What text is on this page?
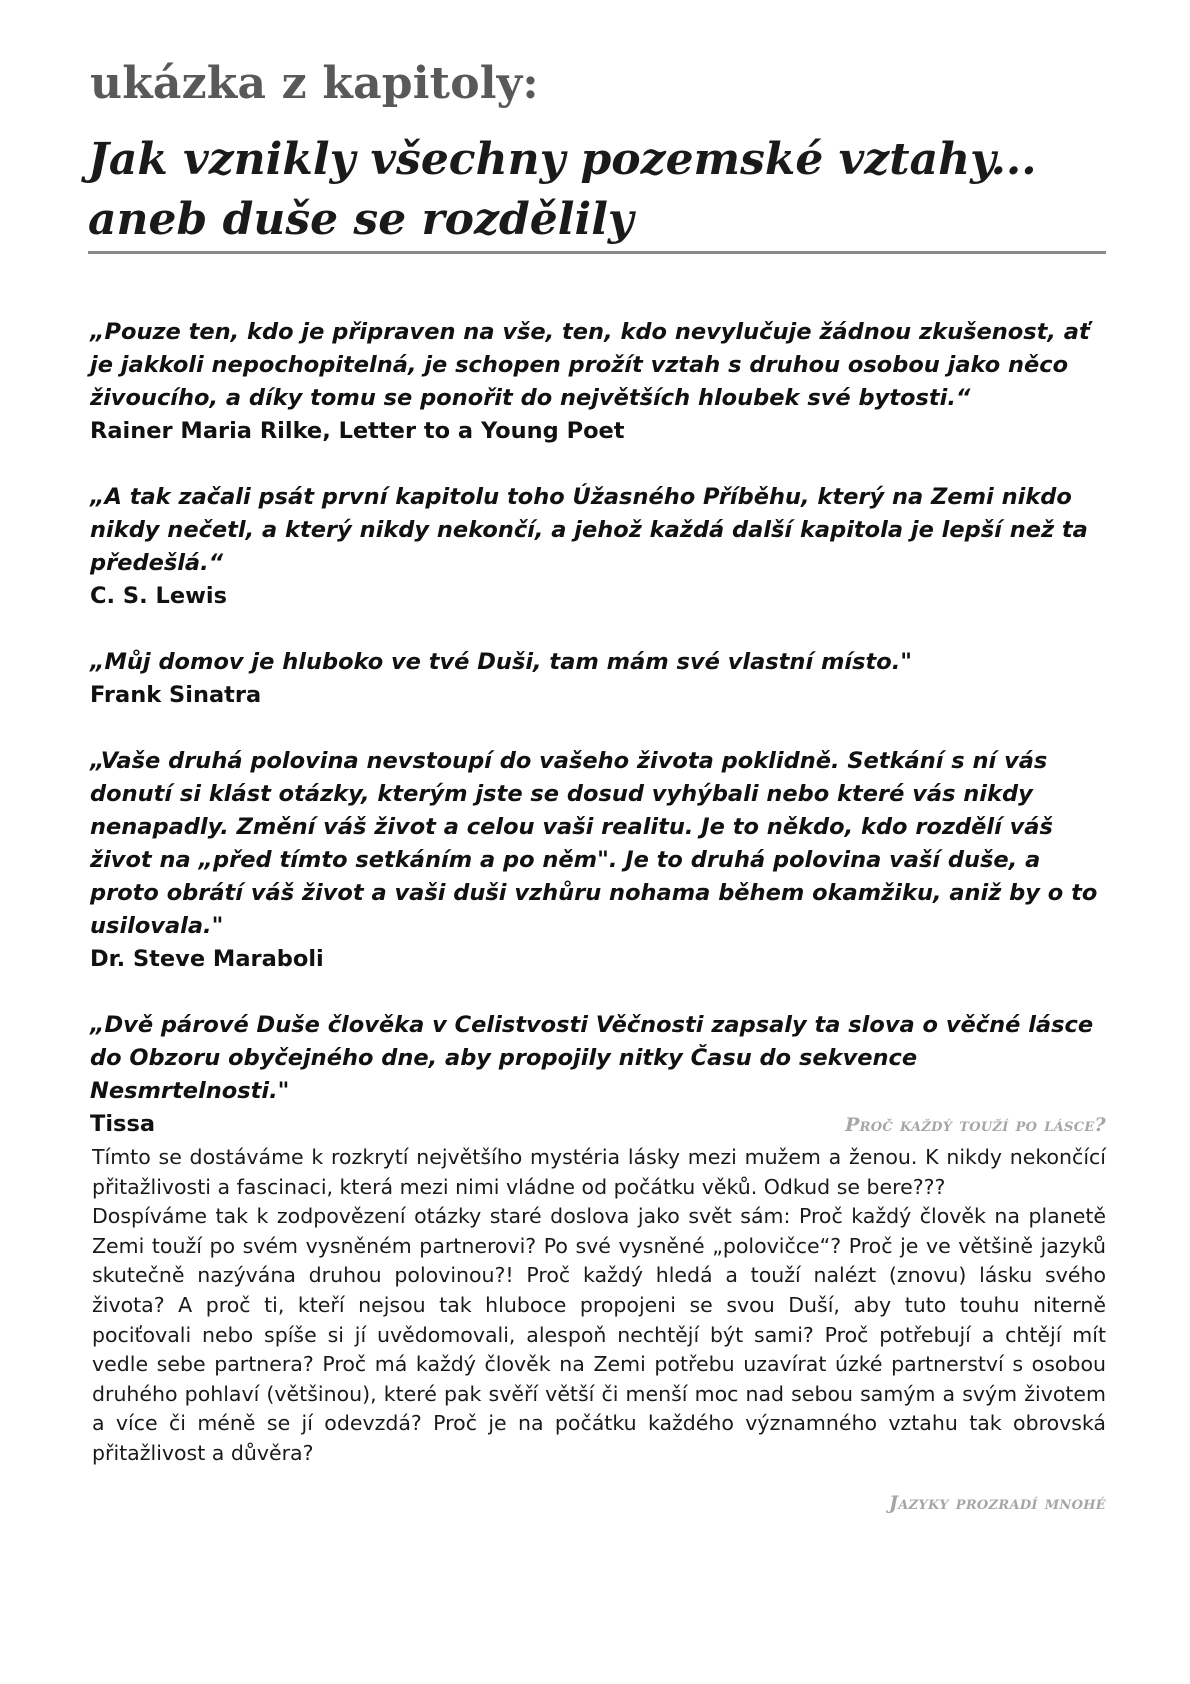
ukázka z kapitoly:
Jak vznikly všechny pozemské vztahy... aneb duše se rozdělily
„Pouze ten, kdo je připraven na vše, ten, kdo nevylučuje žádnou zkušenost, ať je jakkoli nepochopitelná, je schopen prožít vztah s druhou osobou jako něco živoucího, a díky tomu se ponořit do největších hloubek své bytosti.“
Rainer Maria Rilke, Letter to a Young Poet
„A tak začali psát první kapitolu toho Úžasného Příběhu, který na Zemi nikdo nikdy nečetl, a který nikdy nekončí, a jehož každá další kapitola je lepší než ta předešlá.“
C. S. Lewis
„Můj domov je hluboko ve tvé Duši, tam mám své vlastní místo."
Frank Sinatra
„Vaše druhá polovina nevstoupí do vašeho života poklidně. Setkání s ní vás donutí si klást otázky, kterým jste se dosud vyhýbali nebo které vás nikdy nenapadly. Změní váš život a celou vaši realitu. Je to někdo, kdo rozdělí váš život na „před tímto setkáním a po něm". Je to druhá polovina vaší duše, a proto obrátí váš život a vaši duši vzhůru nohama během okamžiku, aniž by o to usilovala."
Dr. Steve Maraboli
„Dvě párové Duše člověka v Celistvosti Věčnosti zapsaly ta slova o věčné lásce do Obzoru obyčejného dne, aby propojily nitky Času do sekvence Nesmrtelnosti."
Tissa	Proč každý touží po lásce?

Tímto se dostáváme k rozkrytí největšího mystéria lásky mezi mužem a ženou. K nikdy nekončící přitažlivosti a fascinaci, která mezi nimi vládne od počátku věků. Odkud se bere???

Dospíváme tak k zodpovězení otázky staré doslova jako svět sám: Proč každý člověk na planetě Zemi touží po svém vysněném partnerovi? Po své vysněné „polovičce“? Proč je ve většině jazyků skutečně nazývána druhou polovinou?! Proč každý hledá a touží nalézt (znovu) lásku svého života? A proč ti, kteří nejsou tak hluboce propojeni se svou Duší, aby tuto touhu niterně pociťovali nebo spíše si jí uvědomovali, alespoň nechtějí být sami? Proč potřebují a chtějí mít vedle sebe partnera? Proč má každý člověk na Zemi potřebu uzavírat úzké partnerství s osobou druhého pohlaví (většinou), které pak svěří větší či menší moc nad sebou samým a svým životem a více či méně se jí odevzdá? Proč je na počátku každého významného vztahu tak obrovská přitažlivost a důvěra?

Jazyky prozradí mnohé
